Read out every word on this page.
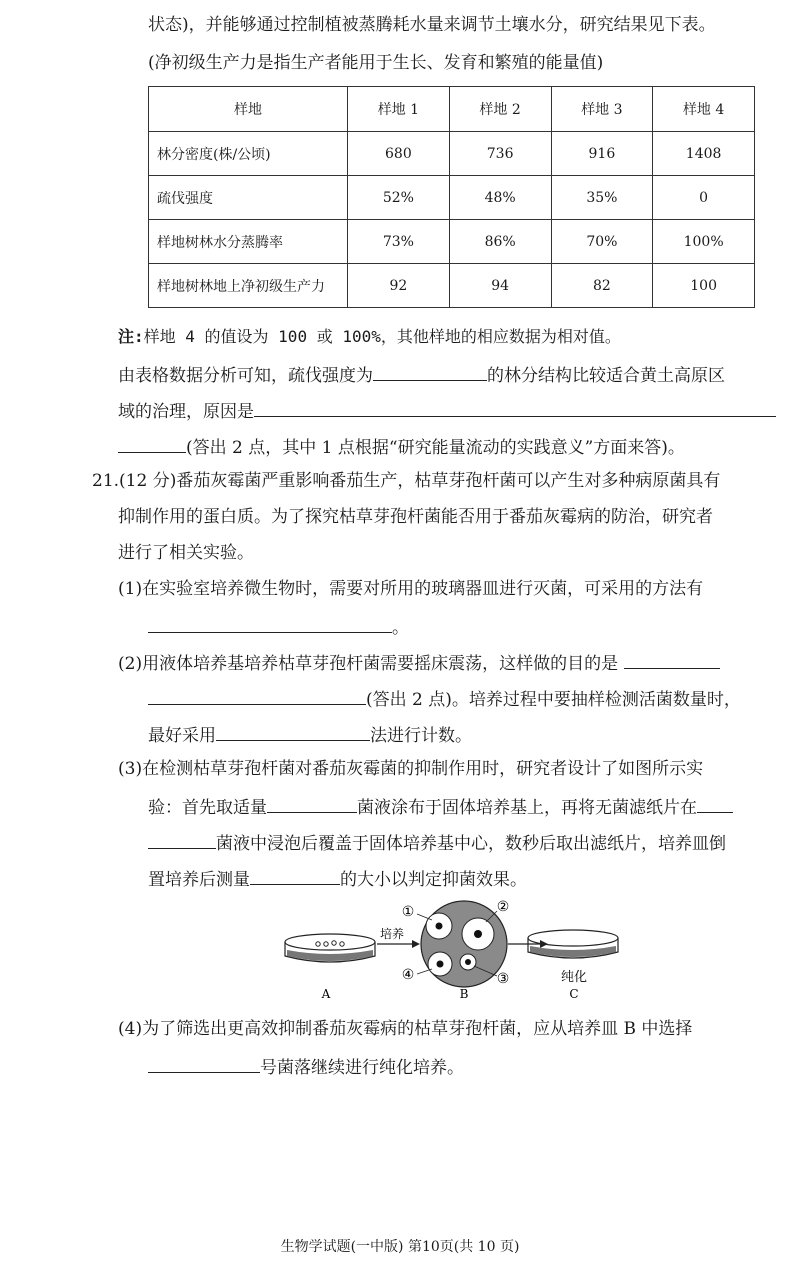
状态)，并能够通过控制植被蒸腾耗水量来调节土壤水分，研究结果见下表。
(净初级生产力是指生产者能用于生长、发育和繁殖的能量值)
样地	样地 1	样地 2	样地 3	样地 4
林分密度(株/公顷)	680	736	916	1408
疏伐强度	52%	48%	35%	0
样地树林水分蒸腾率	73%	86%	70%	100%
样地树林地上净初级生产力	92	94	82	100
注:样地 4 的值设为 100 或 100%，其他样地的相应数据为相对值。
由表格数据分析可知，疏伐强度为	的林分结构比较适合黄土高原区
域的治理，原因是
(答出 2 点，其中 1 点根据“研究能量流动的实践意义”方面来答)。
21.(12 分)番茄灰霉菌严重影响番茄生产，枯草芽孢杆菌可以产生对多种病原菌具有
抑制作用的蛋白质。为了探究枯草芽孢杆菌能否用于番茄灰霉病的防治，研究者
进行了相关实验。
(1)在实验室培养微生物时，需要对所用的玻璃器皿进行灭菌，可采用的方法有
。
(2)用液体培养基培养枯草芽孢杆菌需要摇床震荡，这样做的目的是
(答出 2 点)。培养过程中要抽样检测活菌数量时，
最好采用	法进行计数。
(3)在检测枯草芽孢杆菌对番茄灰霉菌的抑制作用时，研究者设计了如图所示实
验：首先取适量	菌液涂布于固体培养基上，再将无菌滤纸片在
菌液中浸泡后覆盖于固体培养基中心，数秒后取出滤纸片，培养皿倒
置培养后测量	的大小以判定抑菌效果。
A
培养
①	②
③
④
B
纯化
C
(4)为了筛选出更高效抑制番茄灰霉病的枯草芽孢杆菌，应从培养皿 B 中选择
号菌落继续进行纯化培养。
生物学试题(一中版) 第10页(共 10 页)
